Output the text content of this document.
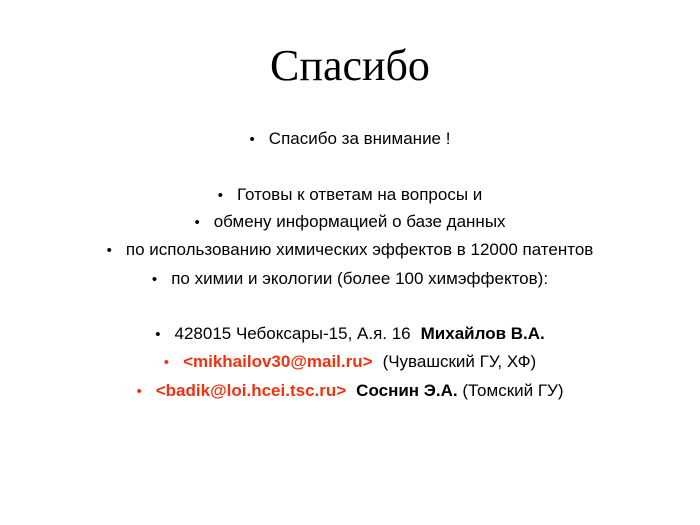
Спасибо
• Спасибо за внимание !
• Готовы к ответам на вопросы и
• обмену информацией о базе данных
• по использованию химических эффектов в 12000 патентов
• по химии и экологии (более 100 химэффектов):
• 428015 Чебоксары-15, А.я. 16 Михайлов В.А.
• <mikhailov30@mail.ru> (Чувашский ГУ, ХФ)
• <badik@loi.hcei.tsc.ru> Соснин Э.А. (Томский ГУ)
